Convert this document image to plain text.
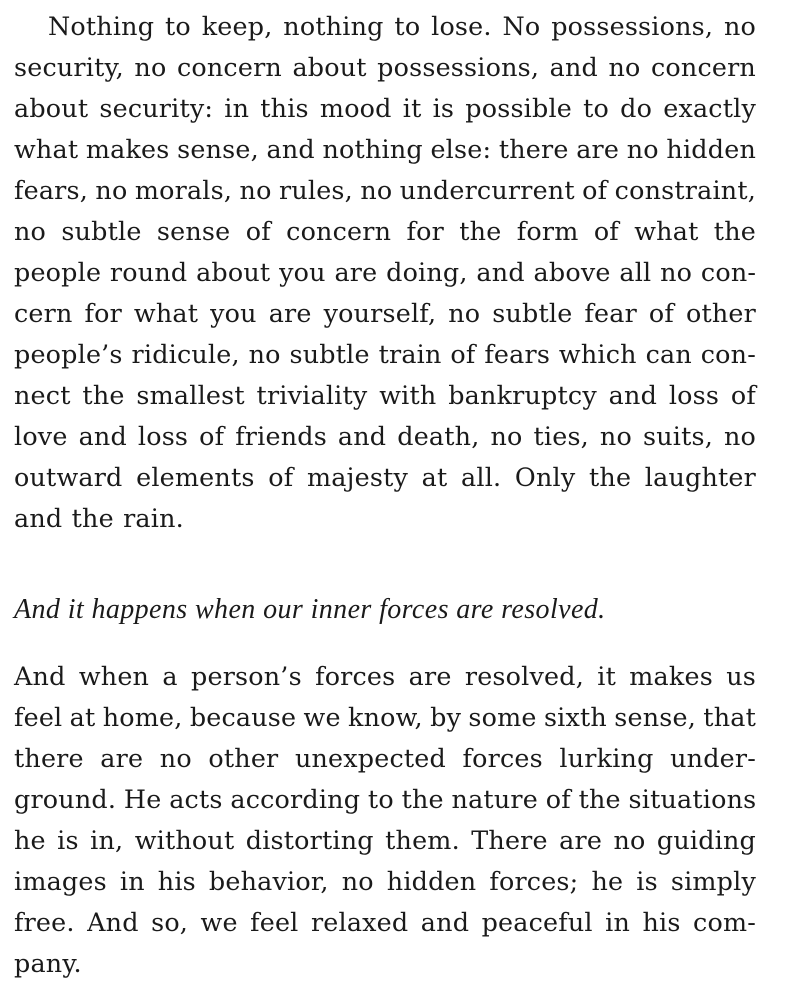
Nothing to keep, nothing to lose. No possessions, no
security, no concern about possessions, and no concern
about security: in this mood it is possible to do exactly
what makes sense, and nothing else: there are no hidden
fears, no morals, no rules, no undercurrent of constraint,
no subtle sense of concern for the form of what the
people round about you are doing, and above all no con-
cern for what you are yourself, no subtle fear of other
people’s ridicule, no subtle train of fears which can con-
nect the smallest triviality with bankruptcy and loss of
love and loss of friends and death, no ties, no suits, no
outward elements of majesty at all. Only the laughter
and the rain.

And it happens when our inner forces are resolved.

And when a person’s forces are resolved, it makes us
feel at home, because we know, by some sixth sense, that
there are no other unexpected forces lurking under-
ground. He acts according to the nature of the situations
he is in, without distorting them. There are no guiding
images in his behavior, no hidden forces; he is simply
free. And so, we feel relaxed and peaceful in his com-
pany.
